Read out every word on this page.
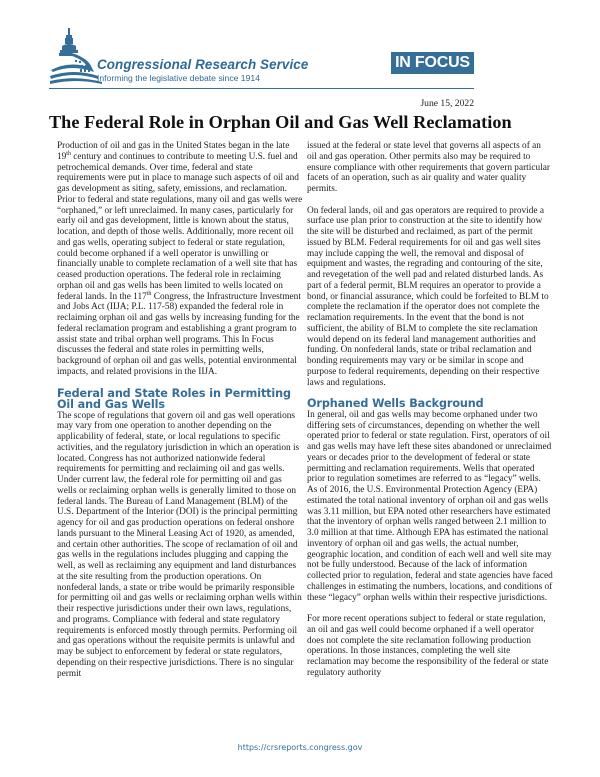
Congressional Research Service
Informing the legislative debate since 1914
IN FOCUS
June 15, 2022
The Federal Role in Orphan Oil and Gas Well Reclamation

Production of oil and gas in the United States began in the late 19th century and continues to contribute to meeting U.S. fuel and petrochemical demands. Over time, federal and state requirements were put in place to manage such aspects of oil and gas development as siting, safety, emissions, and reclamation. Prior to federal and state regulations, many oil and gas wells were “orphaned,” or left unreclaimed. In many cases, particularly for early oil and gas development, little is known about the status, location, and depth of those wells. Additionally, more recent oil and gas wells, operating subject to federal or state regulation, could become orphaned if a well operator is unwilling or financially unable to complete reclamation of a well site that has ceased production operations. The federal role in reclaiming orphan oil and gas wells has been limited to wells located on federal lands. In the 117th Congress, the Infrastructure Investment and Jobs Act (IIJA; P.L. 117-58) expanded the federal role in reclaiming orphan oil and gas wells by increasing funding for the federal reclamation program and establishing a grant program to assist state and tribal orphan well programs. This In Focus discusses the federal and state roles in permitting wells, background of orphan oil and gas wells, potential environmental impacts, and related provisions in the IIJA.

Federal and State Roles in Permitting Oil and Gas Wells

The scope of regulations that govern oil and gas well operations may vary from one operation to another depending on the applicability of federal, state, or local regulations to specific activities, and the regulatory jurisdiction in which an operation is located. Congress has not authorized nationwide federal requirements for permitting and reclaiming oil and gas wells. Under current law, the federal role for permitting oil and gas wells or reclaiming orphan wells is generally limited to those on federal lands. The Bureau of Land Management (BLM) of the U.S. Department of the Interior (DOI) is the principal permitting agency for oil and gas production operations on federal onshore lands pursuant to the Mineral Leasing Act of 1920, as amended, and certain other authorities. The scope of reclamation of oil and gas wells in the regulations includes plugging and capping the well, as well as reclaiming any equipment and land disturbances at the site resulting from the production operations. On nonfederal lands, a state or tribe would be primarily responsible for permitting oil and gas wells or reclaiming orphan wells within their respective jurisdictions under their own laws, regulations, and programs. Compliance with federal and state regulatory requirements is enforced mostly through permits. Performing oil and gas operations without the requisite permits is unlawful and may be subject to enforcement by federal or state regulators, depending on their respective jurisdictions. There is no singular permit

issued at the federal or state level that governs all aspects of an oil and gas operation. Other permits also may be required to ensure compliance with other requirements that govern particular facets of an operation, such as air quality and water quality permits.

On federal lands, oil and gas operators are required to provide a surface use plan prior to construction at the site to identify how the site will be disturbed and reclaimed, as part of the permit issued by BLM. Federal requirements for oil and gas well sites may include capping the well, the removal and disposal of equipment and wastes, the regrading and contouring of the site, and revegetation of the well pad and related disturbed lands. As part of a federal permit, BLM requires an operator to provide a bond, or financial assurance, which could be forfeited to BLM to complete the reclamation if the operator does not complete the reclamation requirements. In the event that the bond is not sufficient, the ability of BLM to complete the site reclamation would depend on its federal land management authorities and funding. On nonfederal lands, state or tribal reclamation and bonding requirements may vary or be similar in scope and purpose to federal requirements, depending on their respective laws and regulations.

Orphaned Wells Background

In general, oil and gas wells may become orphaned under two differing sets of circumstances, depending on whether the well operated prior to federal or state regulation. First, operators of oil and gas wells may have left these sites abandoned or unreclaimed years or decades prior to the development of federal or state permitting and reclamation requirements. Wells that operated prior to regulation sometimes are referred to as “legacy” wells. As of 2016, the U.S. Environmental Protection Agency (EPA) estimated the total national inventory of orphan oil and gas wells was 3.11 million, but EPA noted other researchers have estimated that the inventory of orphan wells ranged between 2.1 million to 3.0 million at that time. Although EPA has estimated the national inventory of orphan oil and gas wells, the actual number, geographic location, and condition of each well and well site may not be fully understood. Because of the lack of information collected prior to regulation, federal and state agencies have faced challenges in estimating the numbers, locations, and conditions of these “legacy” orphan wells within their respective jurisdictions.

For more recent operations subject to federal or state regulation, an oil and gas well could become orphaned if a well operator does not complete the site reclamation following production operations. In those instances, completing the well site reclamation may become the responsibility of the federal or state regulatory authority

https://crsreports.congress.gov
